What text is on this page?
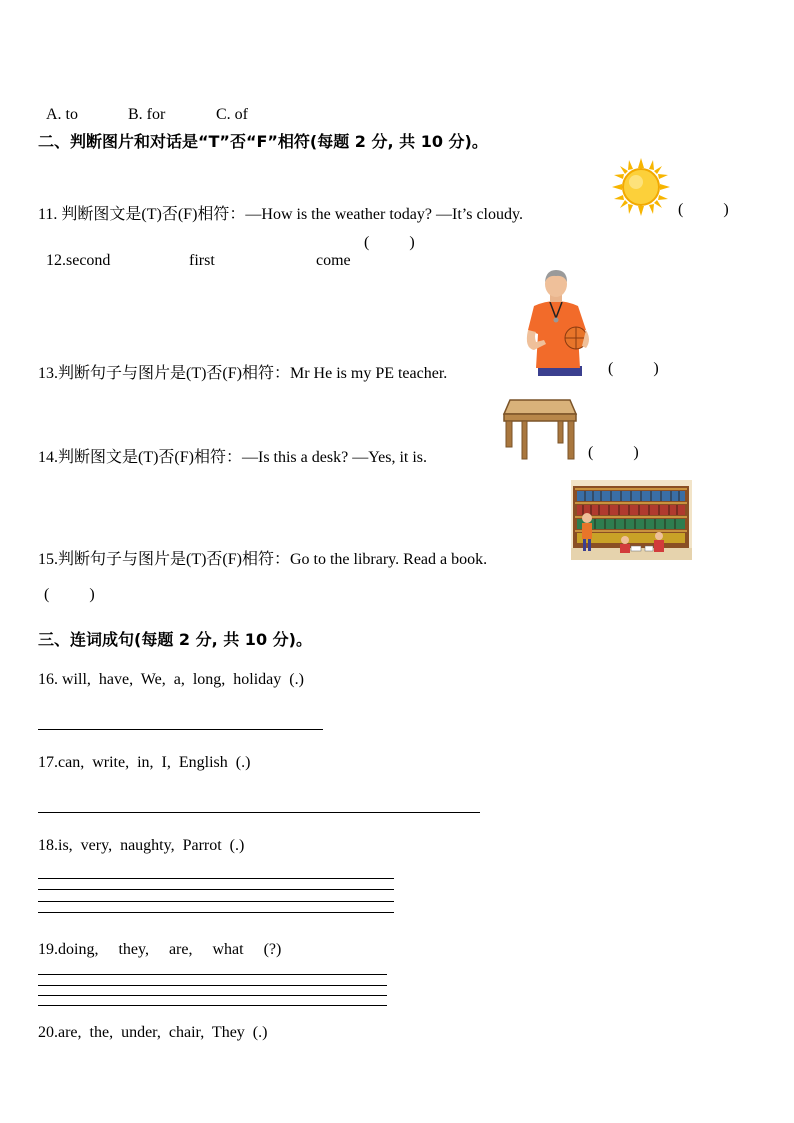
A. to	B. for	C. of

二、判断图片和对话是“T”否“F”相符(每题 2 分, 共 10 分)。
11. 判断图文是(T)否(F)相符：—How is the weather today? —It’s cloudy.	(          )

12.second	first	come

(          )
13.判断句子与图片是(T)否(F)相符：Mr He is my PE teacher.	(          )
14.判断图文是(T)否(F)相符：—Is this a desk? —Yes, it is.	(          )
15.判断句子与图片是(T)否(F)相符：Go to the library. Read a book.
(          )
三、连词成句(每题 2 分, 共 10 分)。
16. will,  have,  We,  a,  long,  holiday  (.)
17.can,  write,  in,  I,  English  (.)
18.is,  very,  naughty,  Parrot  (.)
19.doing,     they,     are,     what     (?)
20.are,  the,  under,  chair,  They  (.)
